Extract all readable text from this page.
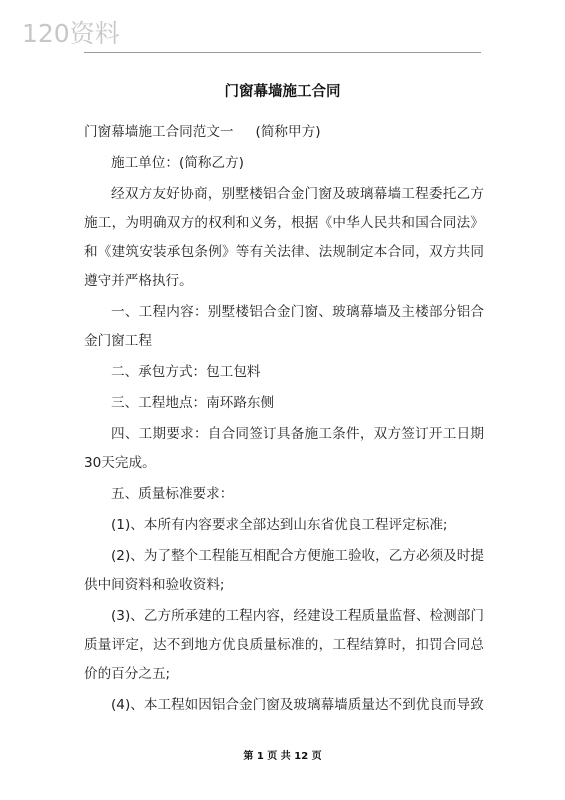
120资料
门窗幕墙施工合同

门窗幕墙施工合同范文一 (简称甲方)

施工单位：(简称乙方)

经双方友好协商，别墅楼铝合金门窗及玻璃幕墙工程委托乙方施工，为明确双方的权利和义务，根据《中华人民共和国合同法》和《建筑安装承包条例》等有关法律、法规制定本合同，双方共同遵守并严格执行。

一、工程内容：别墅楼铝合金门窗、玻璃幕墙及主楼部分铝合金门窗工程

二、承包方式：包工包料

三、工程地点：南环路东侧

四、工期要求：自合同签订具备施工条件，双方签订开工日期30天完成。

五、质量标准要求：

(1)、本所有内容要求全部达到山东省优良工程评定标准;

(2)、为了整个工程能互相配合方便施工验收，乙方必须及时提供中间资料和验收资料;

(3)、乙方所承建的工程内容，经建设工程质量监督、检测部门质量评定，达不到地方优良质量标准的，工程结算时，扣罚合同总价的百分之五;

(4)、本工程如因铝合金门窗及玻璃幕墙质量达不到优良而导致

第 1 页 共 12 页
